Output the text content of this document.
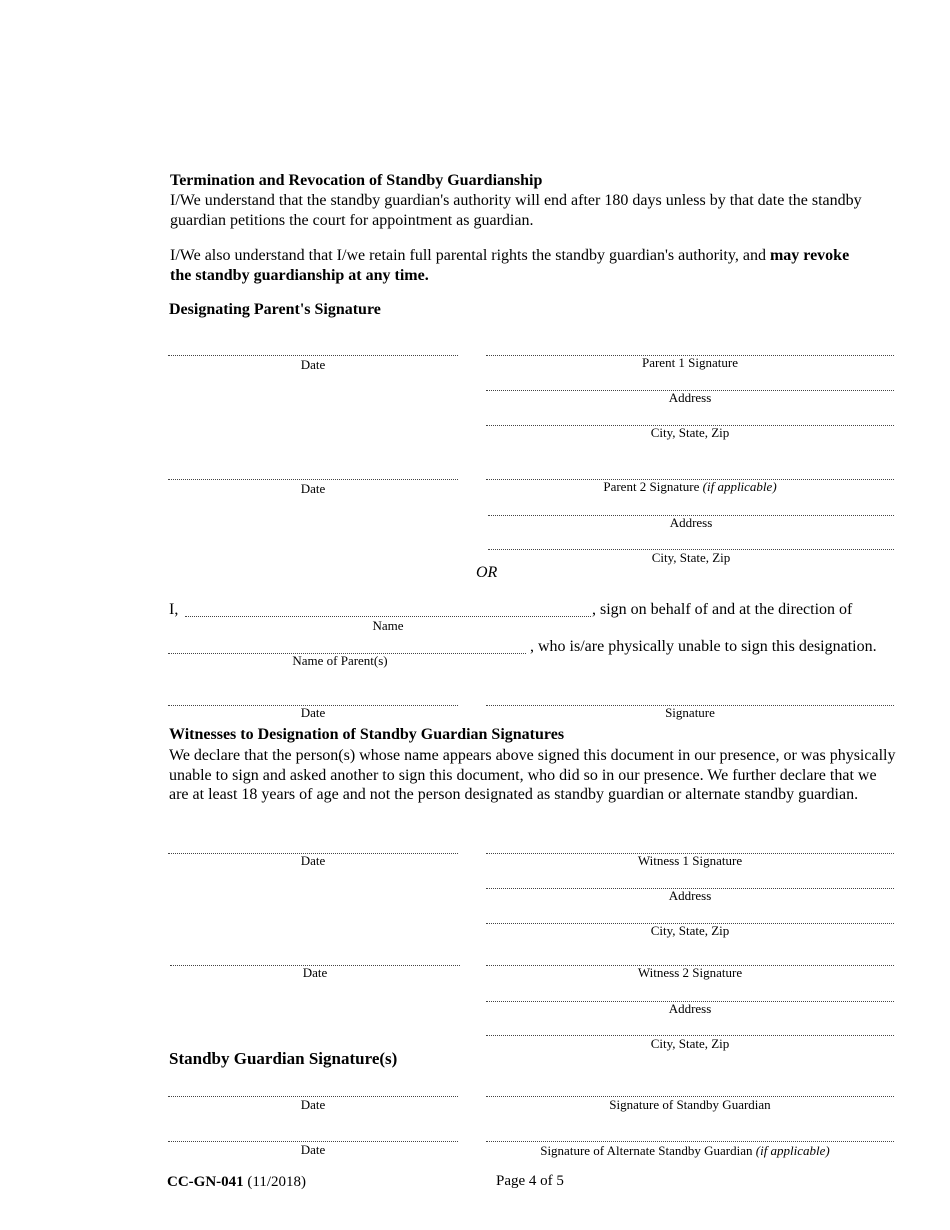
Termination and Revocation of Standby Guardianship
I/We understand that the standby guardian's authority will end after 180 days unless by that date the standby guardian petitions the court for appointment as guardian.
I/We also understand that I/we retain full parental rights the standby guardian's authority, and may revoke the standby guardianship at any time.
Designating Parent's Signature
Date	Parent 1 Signature
Address
City, State, Zip
Date	Parent 2 Signature (if applicable)
Address
City, State, Zip
OR
I,
Name
, sign on behalf of and at the direction of
Name of Parent(s)
, who is/are physically unable to sign this designation.
Date	Signature
Witnesses to Designation of Standby Guardian Signatures
We declare that the person(s) whose name appears above signed this document in our presence, or was physically unable to sign and asked another to sign this document, who did so in our presence. We further declare that we are at least 18 years of age and not the person designated as standby guardian or alternate standby guardian.
Date	Witness 1 Signature
Address
City, State, Zip
Date	Witness 2 Signature
Address
City, State, Zip
Standby Guardian Signature(s)
Date	Signature of Standby Guardian
Date	Signature of Alternate Standby Guardian (if applicable)
CC-GN-041 (11/2018)	Page 4 of 5
